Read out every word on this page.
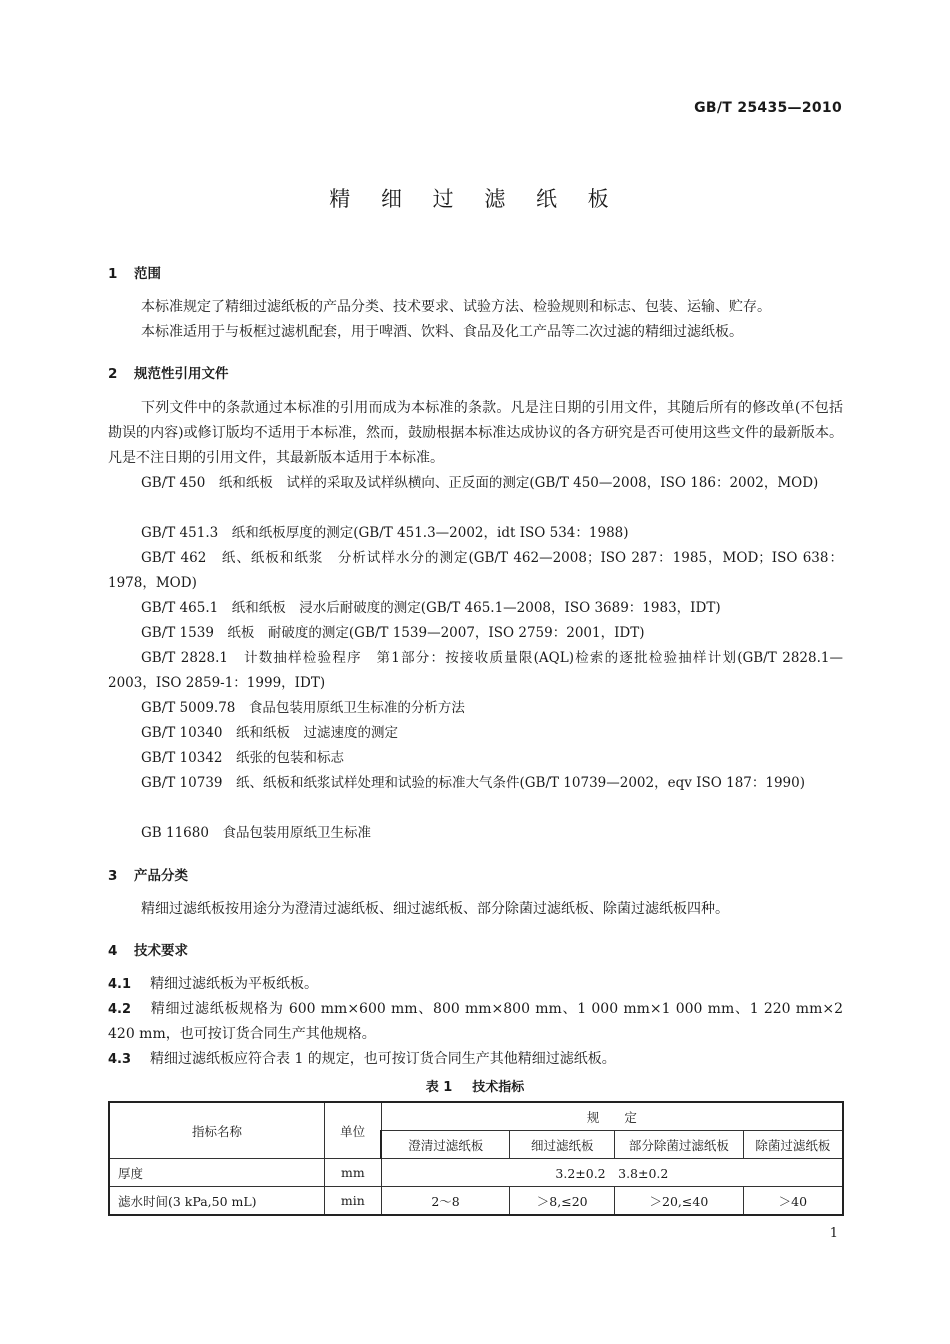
GB/T 25435—2010
精 细 过 滤 纸 板
1 范围

本标准规定了精细过滤纸板的产品分类、技术要求、试验方法、检验规则和标志、包装、运输、贮存。

本标准适用于与板框过滤机配套，用于啤酒、饮料、食品及化工产品等二次过滤的精细过滤纸板。

2 规范性引用文件

下列文件中的条款通过本标准的引用而成为本标准的条款。凡是注日期的引用文件，其随后所有的修改单(不包括勘误的内容)或修订版均不适用于本标准，然而，鼓励根据本标准达成协议的各方研究是否可使用这些文件的最新版本。凡是不注日期的引用文件，其最新版本适用于本标准。

GB/T 450　纸和纸板　试样的采取及试样纵横向、正反面的测定(GB/T 450—2008，ISO 186：2002，MOD)

GB/T 451.3　纸和纸板厚度的测定(GB/T 451.3—2002，idt ISO 534：1988)

GB/T 462　纸、纸板和纸浆　分析试样水分的测定(GB/T 462—2008；ISO 287：1985，MOD；ISO 638：1978，MOD)

GB/T 465.1　纸和纸板　浸水后耐破度的测定(GB/T 465.1—2008，ISO 3689：1983，IDT)

GB/T 1539　纸板　耐破度的测定(GB/T 1539—2007，ISO 2759：2001，IDT)

GB/T 2828.1　计数抽样检验程序　第1部分：按接收质量限(AQL)检索的逐批检验抽样计划(GB/T 2828.1—2003，ISO 2859-1：1999，IDT)

GB/T 5009.78　食品包装用原纸卫生标准的分析方法

GB/T 10340　纸和纸板　过滤速度的测定

GB/T 10342　纸张的包装和标志

GB/T 10739　纸、纸板和纸浆试样处理和试验的标准大气条件(GB/T 10739—2002，eqv ISO 187：1990)

GB 11680　食品包装用原纸卫生标准

3 产品分类

精细过滤纸板按用途分为澄清过滤纸板、细过滤纸板、部分除菌过滤纸板、除菌过滤纸板四种。

4 技术要求

4.1 精细过滤纸板为平板纸板。

4.2 精细过滤纸板规格为 600 mm×600 mm、800 mm×800 mm、1 000 mm×1 000 mm、1 220 mm×2 420 mm，也可按订货合同生产其他规格。

4.3 精细过滤纸板应符合表 1 的规定，也可按订货合同生产其他精细过滤纸板。

表 1 技术指标
指标名称	单位	规　　定			
		澄清过滤纸板	细过滤纸板	部分除菌过滤纸板	除菌过滤纸板
厚度	mm	3.2±0.2　3.8±0.2			
滤水时间(3 kPa,50 mL)	min	2～8	＞8,≤20	＞20,≤40	＞40
1
